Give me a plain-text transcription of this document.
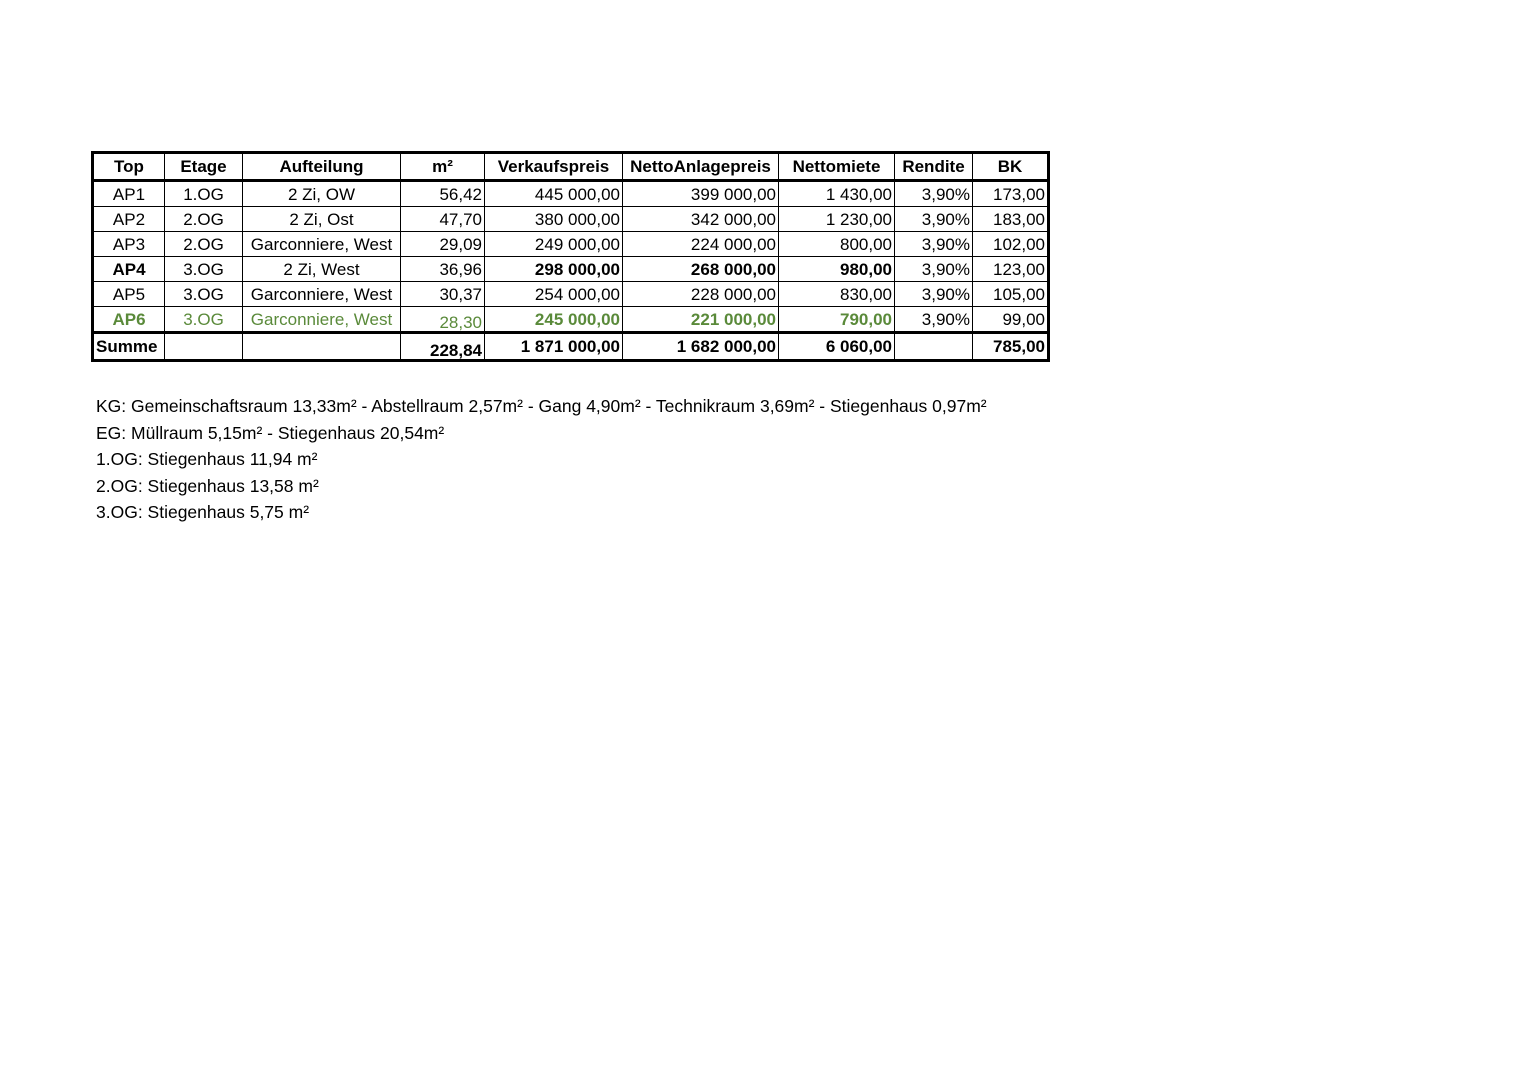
Top	Etage	Aufteilung	m²	Verkaufspreis	NettoAnlagepreis	Nettomiete	Rendite	BK
AP1	1.OG	2 Zi, OW	56,42	445 000,00	399 000,00	1 430,00	3,90%	173,00
AP2	2.OG	2 Zi, Ost	47,70	380 000,00	342 000,00	1 230,00	3,90%	183,00
AP3	2.OG	Garconniere, West	29,09	249 000,00	224 000,00	800,00	3,90%	102,00
AP4	3.OG	2 Zi, West	36,96	298 000,00	268 000,00	980,00	3,90%	123,00
AP5	3.OG	Garconniere, West	30,37	254 000,00	228 000,00	830,00	3,90%	105,00
AP6	3.OG	Garconniere, West	28,30	245 000,00	221 000,00	790,00	3,90%	99,00
Summe			228,84	1 871 000,00	1 682 000,00	6 060,00		785,00
KG: Gemeinschaftsraum 13,33m² - Abstellraum 2,57m² - Gang 4,90m² - Technikraum 3,69m² - Stiegenhaus 0,97m²
EG: Müllraum 5,15m² - Stiegenhaus 20,54m²
1.OG: Stiegenhaus 11,94 m²
2.OG: Stiegenhaus 13,58 m²
3.OG: Stiegenhaus 5,75 m²
